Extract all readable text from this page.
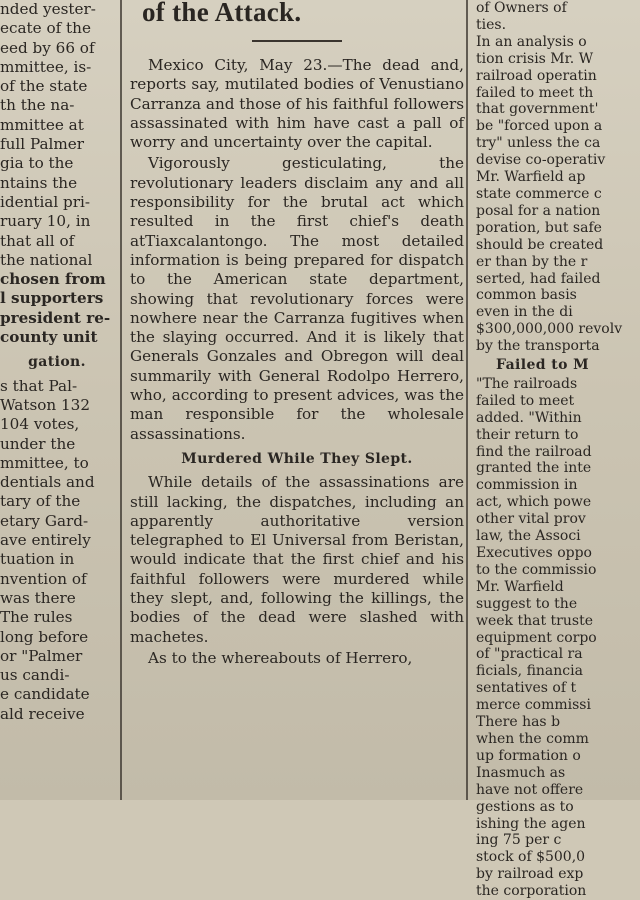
nded yester-

ecate of the

eed by 66 of

mmittee, is-

of the state

th the na-

mmittee at

full Palmer

gia to the

ntains the

idential pri-

ruary 10, in

that all of

the national

chosen from

l supporters

president re-

county unit

gation.

s that Pal-

Watson 132

104 votes,

under the

mmittee, to

dentials and

tary of the

etary Gard-

ave entirely

tuation in

nvention of

was there

The rules

long before

or "Palmer

us candi-

e candidate

ald receive

of the Attack.

Mexico City, May 23.—The dead and, reports say, mutilated bodies of Venustiano Carranza and those of his faithful followers assassinated with him have cast a pall of worry and uncertainty over the capital.

Vigorously gesticulating, the revolutionary leaders disclaim any and all responsibility for the brutal act which resulted in the first chief's death atTiaxcalantongo. The most detailed information is being prepared for dispatch to the American state department, showing that revolutionary forces were nowhere near the Carranza fugitives when the slaying occurred. And it is likely that Generals Gonzales and Obregon will deal summarily with General Rodolpo Herrero, who, according to present advices, was the man responsible for the wholesale assassinations.

Murdered While They Slept.

While details of the assassinations are still lacking, the dispatches, including an apparently authoritative version telegraphed to El Universal from Beristan, would indicate that the first chief and his faithful followers were murdered while they slept, and, following the killings, the bodies of the dead were slashed with machetes.

As to the whereabouts of Herrero,

of Owners of

ties.

In an analysis o

tion crisis Mr. W

railroad operatin

failed to meet th

that government'

be "forced upon a

try" unless the ca

devise co-operativ

Mr. Warfield ap

state commerce c

posal for a nation

poration, but safe

should be created

er than by the r

serted, had failed

common basis

even in the di

$300,000,000 revolv

by the transporta

Failed to M

"The railroads

failed to meet

added. "Within

their return to

find the railroad

granted the inte

commission in

act, which powe

other vital prov

law, the Associ

Executives oppo

to the commissio

Mr. Warfield

suggest to the

week that truste

equipment corpo

of "practical ra

ficials, financia

sentatives of t

merce commissi

There has b

when the comm

up formation o

Inasmuch as

have not offere

gestions as to

ishing the agen

ing 75 per c

stock of $500,0

by railroad exp

the corporation
